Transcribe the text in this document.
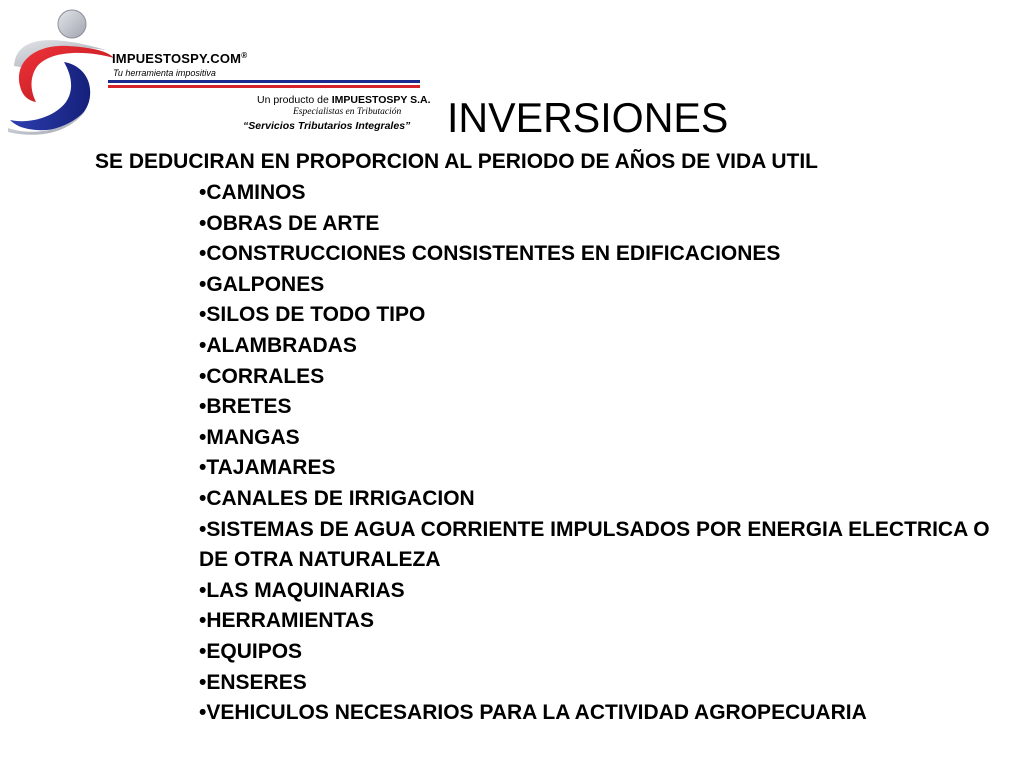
IMPUESTOSPY.COM®
Tu herramienta impositiva
Un producto de IMPUESTOSPY S.A.
Especialistas en Tributación
“Servicios Tributarios Integrales” INVERSIONES
SE DEDUCIRAN EN PROPORCION AL PERIODO DE AÑOS DE VIDA UTIL
•CAMINOS
•OBRAS DE ARTE
•CONSTRUCCIONES CONSISTENTES EN EDIFICACIONES
•GALPONES
•SILOS DE TODO TIPO
•ALAMBRADAS
•CORRALES
•BRETES
•MANGAS
•TAJAMARES
•CANALES DE IRRIGACION
•SISTEMAS DE AGUA CORRIENTE IMPULSADOS POR ENERGIA ELECTRICA O DE OTRA NATURALEZA
•LAS MAQUINARIAS
•HERRAMIENTAS
•EQUIPOS
•ENSERES
•VEHICULOS NECESARIOS PARA LA ACTIVIDAD AGROPECUARIA
